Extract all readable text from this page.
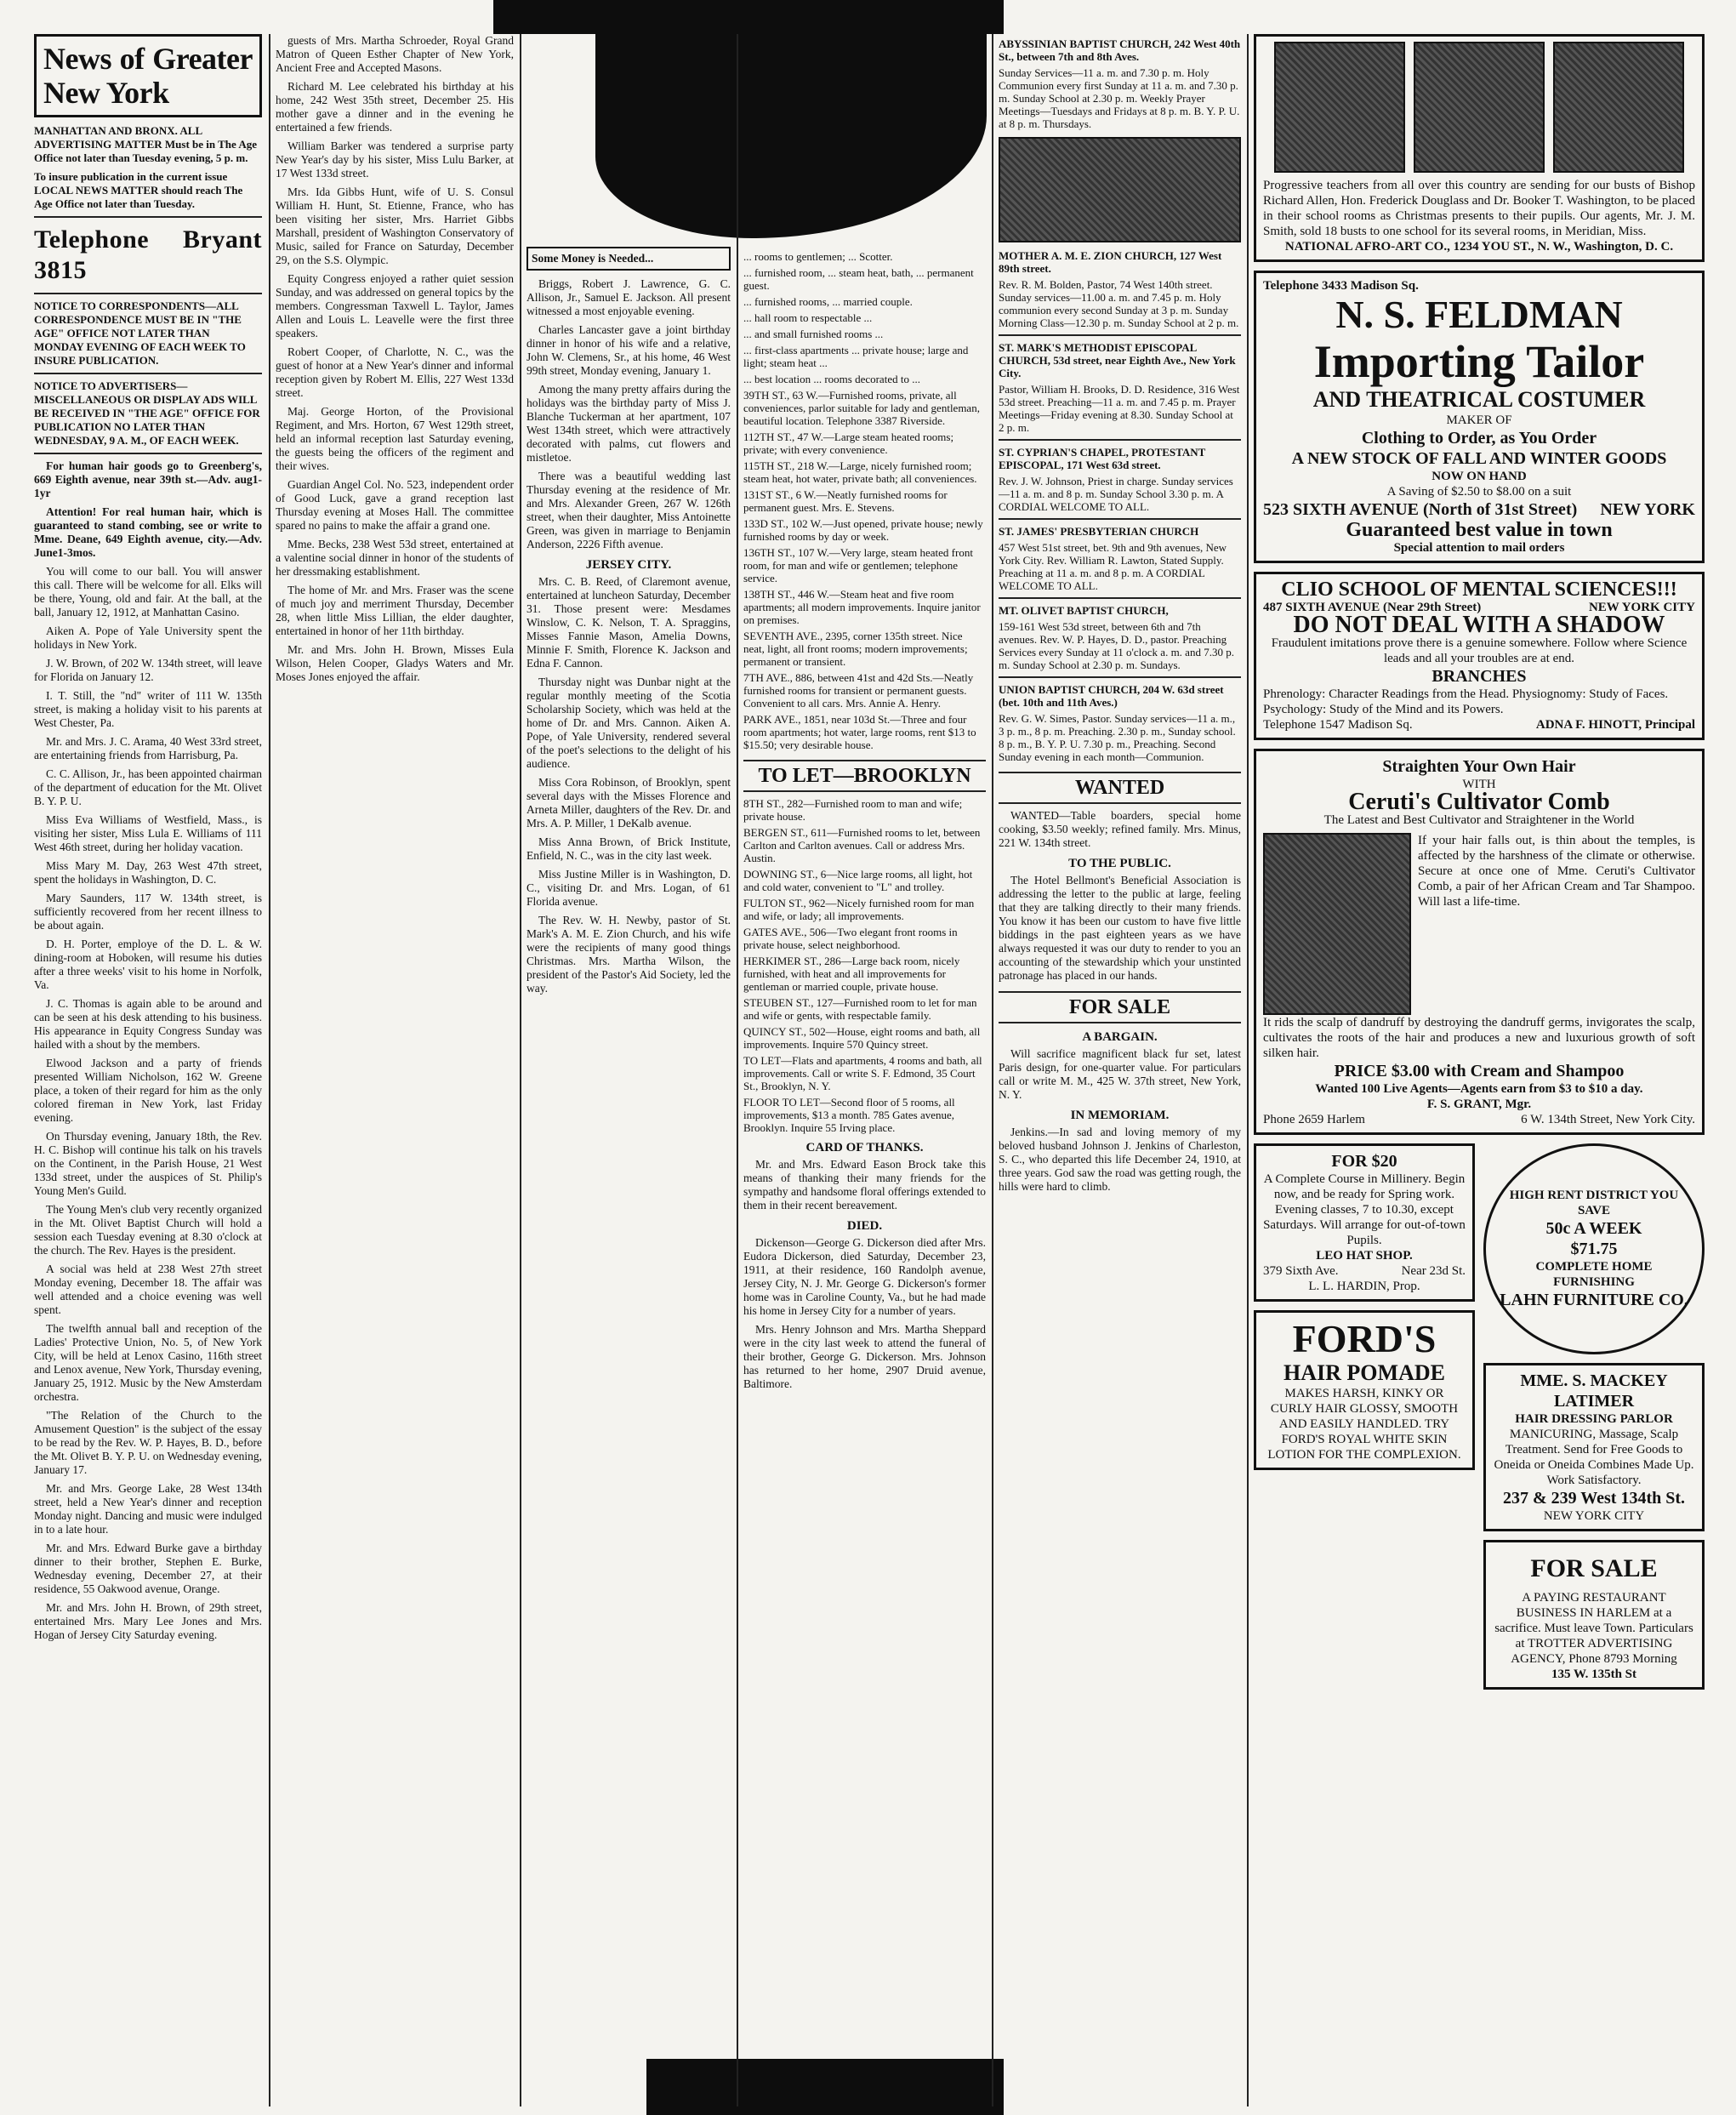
News of Greater New York
MANHATTAN AND BRONX. ALL ADVERTISING MATTER Must be in The Age Office not later than Tuesday evening, 5 p. m.
To insure publication in the current issue LOCAL NEWS MATTER should reach The Age Office not later than Tuesday.
Telephone Bryant 3815
NOTICE TO CORRESPONDENTS—ALL CORRESPONDENCE MUST BE IN "THE AGE" OFFICE NOT LATER THAN MONDAY EVENING OF EACH WEEK TO INSURE PUBLICATION.
NOTICE TO ADVERTISERS—MISCELLANEOUS OR DISPLAY ADS WILL BE RECEIVED IN "THE AGE" OFFICE FOR PUBLICATION NO LATER THAN WEDNESDAY, 9 A. M., OF EACH WEEK.

For human hair goods go to Greenberg's, 669 Eighth avenue, near 39th st.—Adv. aug1-1yr

Attention! For real human hair, which is guaranteed to stand combing, see or write to Mme. Deane, 649 Eighth avenue, city.—Adv. June1-3mos.

You will come to our ball. You will answer this call. There will be welcome for all. Elks will be there, Young, old and fair. At the ball, at the ball, January 12, 1912, at Manhattan Casino.

Aiken A. Pope of Yale University spent the holidays in New York.

J. W. Brown, of 202 W. 134th street, will leave for Florida on January 12.

I. T. Still, the "nd" writer of 111 W. 135th street, is making a holiday visit to his parents at West Chester, Pa.

Mr. and Mrs. J. C. Arama, 40 West 33rd street, are entertaining friends from Harrisburg, Pa.

C. C. Allison, Jr., has been appointed chairman of the department of education for the Mt. Olivet B. Y. P. U.

Miss Eva Williams of Westfield, Mass., is visiting her sister, Miss Lula E. Williams of 111 West 46th street, during her holiday vacation.

Miss Mary M. Day, 263 West 47th street, spent the holidays in Washington, D. C.

Mary Saunders, 117 W. 134th street, is sufficiently recovered from her recent illness to be about again.

D. H. Porter, employe of the D. L. & W. dining-room at Hoboken, will resume his duties after a three weeks' visit to his home in Norfolk, Va.

J. C. Thomas is again able to be around and can be seen at his desk attending to his business. His appearance in Equity Congress Sunday was hailed with a shout by the members.

Elwood Jackson and a party of friends presented William Nicholson, 162 W. Greene place, a token of their regard for him as the only colored fireman in New York, last Friday evening.

On Thursday evening, January 18th, the Rev. H. C. Bishop will continue his talk on his travels on the Continent, in the Parish House, 21 West 133d street, under the auspices of St. Philip's Young Men's Guild.

The Young Men's club very recently organized in the Mt. Olivet Baptist Church will hold a session each Tuesday evening at 8.30 o'clock at the church. The Rev. Hayes is the president.

A social was held at 238 West 27th street Monday evening, December 18. The affair was well attended and a choice evening was well spent.

The twelfth annual ball and reception of the Ladies' Protective Union, No. 5, of New York City, will be held at Lenox Casino, 116th street and Lenox avenue, New York, Thursday evening, January 25, 1912. Music by the New Amsterdam orchestra.

"The Relation of the Church to the Amusement Question" is the subject of the essay to be read by the Rev. W. P. Hayes, B. D., before the Mt. Olivet B. Y. P. U. on Wednesday evening, January 17.

Mr. and Mrs. George Lake, 28 West 134th street, held a New Year's dinner and reception Monday night. Dancing and music were indulged in to a late hour.

Mr. and Mrs. Edward Burke gave a birthday dinner to their brother, Stephen E. Burke, Wednesday evening, December 27, at their residence, 55 Oakwood avenue, Orange.

Mr. and Mrs. John H. Brown, of 29th street, entertained Mrs. Mary Lee Jones and Mrs. Hogan of Jersey City Saturday evening.

guests of Mrs. Martha Schroeder, Royal Grand Matron of Queen Esther Chapter of New York, Ancient Free and Accepted Masons.

Richard M. Lee celebrated his birthday at his home, 242 West 35th street, December 25. His mother gave a dinner and in the evening he entertained a few friends.

William Barker was tendered a surprise party New Year's day by his sister, Miss Lulu Barker, at 17 West 133d street.

Mrs. Ida Gibbs Hunt, wife of U. S. Consul William H. Hunt, St. Etienne, France, who has been visiting her sister, Mrs. Harriet Gibbs Marshall, president of Washington Conservatory of Music, sailed for France on Saturday, December 29, on the S.S. Olympic.

Equity Congress enjoyed a rather quiet session Sunday, and was addressed on general topics by the members. Congressman Taxwell L. Taylor, James Allen and Louis L. Leavelle were the first three speakers.

Robert Cooper, of Charlotte, N. C., was the guest of honor at a New Year's dinner and informal reception given by Robert M. Ellis, 227 West 133d street.

Maj. George Horton, of the Provisional Regiment, and Mrs. Horton, 67 West 129th street, held an informal reception last Saturday evening, the guests being the officers of the regiment and their wives.

Guardian Angel Col. No. 523, independent order of Good Luck, gave a grand reception last Thursday evening at Moses Hall. The committee spared no pains to make the affair a grand one.

Mme. Becks, 238 West 53d street, entertained at a valentine social dinner in honor of the students of her dressmaking establishment.

The home of Mr. and Mrs. Fraser was the scene of much joy and merriment Thursday, December 28, when little Miss Lillian, the elder daughter, entertained in honor of her 11th birthday.

Mr. and Mrs. John H. Brown, Misses Eula Wilson, Helen Cooper, Gladys Waters and Mr. Moses Jones enjoyed the affair.

Some Money is Needed...

Briggs, Robert J. Lawrence, G. C. Allison, Jr., Samuel E. Jackson. All present witnessed a most enjoyable evening.

Charles Lancaster gave a joint birthday dinner in honor of his wife and a relative, John W. Clemens, Sr., at his home, 46 West 99th street, Monday evening, January 1.

Among the many pretty affairs during the holidays was the birthday party of Miss J. Blanche Tuckerman at her apartment, 107 West 134th street, which were attractively decorated with palms, cut flowers and mistletoe.

There was a beautiful wedding last Thursday evening at the residence of Mr. and Mrs. Alexander Green, 267 W. 126th street, when their daughter, Miss Antoinette Green, was given in marriage to Benjamin Anderson, 2226 Fifth avenue.

JERSEY CITY.

Mrs. C. B. Reed, of Claremont avenue, entertained at luncheon Saturday, December 31. Those present were: Mesdames Winslow, C. K. Nelson, T. A. Spraggins, Misses Fannie Mason, Amelia Downs, Minnie F. Smith, Florence K. Jackson and Edna F. Cannon.

Thursday night was Dunbar night at the regular monthly meeting of the Scotia Scholarship Society, which was held at the home of Dr. and Mrs. Cannon. Aiken A. Pope, of Yale University, rendered several of the poet's selections to the delight of his audience.

Miss Cora Robinson, of Brooklyn, spent several days with the Misses Florence and Arneta Miller, daughters of the Rev. Dr. and Mrs. A. P. Miller, 1 DeKalb avenue.

Miss Anna Brown, of Brick Institute, Enfield, N. C., was in the city last week.

Miss Justine Miller is in Washington, D. C., visiting Dr. and Mrs. Logan, of 61 Florida avenue.

The Rev. W. H. Newby, pastor of St. Mark's A. M. E. Zion Church, and his wife were the recipients of many good things Christmas. Mrs. Martha Wilson, the president of the Pastor's Aid Society, led the way.

... rooms to gentlemen; ... Scotter.
... furnished room, ... steam heat, bath, ... permanent guest.
... furnished rooms, ... married couple.
... hall room to respectable ...
... and small furnished rooms ...
... first-class apartments ... private house; large and light; steam heat ...
... best location ... rooms decorated to ...
39TH ST., 63 W.—Furnished rooms, private, all conveniences, parlor suitable for lady and gentleman, beautiful location. Telephone 3387 Riverside.
112TH ST., 47 W.—Large steam heated rooms; private; with every convenience.
115TH ST., 218 W.—Large, nicely furnished room; steam heat, hot water, private bath; all conveniences.
131ST ST., 6 W.—Neatly furnished rooms for permanent guest. Mrs. E. Stevens.
133D ST., 102 W.—Just opened, private house; newly furnished rooms by day or week.
136TH ST., 107 W.—Very large, steam heated front room, for man and wife or gentlemen; telephone service.
138TH ST., 446 W.—Steam heat and five room apartments; all modern improvements. Inquire janitor on premises.
SEVENTH AVE., 2395, corner 135th street. Nice neat, light, all front rooms; modern improvements; permanent or transient.
7TH AVE., 886, between 41st and 42d Sts.—Neatly furnished rooms for transient or permanent guests. Convenient to all cars. Mrs. Annie A. Henry.
PARK AVE., 1851, near 103d St.—Three and four room apartments; hot water, large rooms, rent $13 to $15.50; very desirable house.
TO LET—BROOKLYN
8TH ST., 282—Furnished room to man and wife; private house.
BERGEN ST., 611—Furnished rooms to let, between Carlton and Carlton avenues. Call or address Mrs. Austin.
DOWNING ST., 6—Nice large rooms, all light, hot and cold water, convenient to "L" and trolley.
FULTON ST., 962—Nicely furnished room for man and wife, or lady; all improvements.
GATES AVE., 506—Two elegant front rooms in private house, select neighborhood.
HERKIMER ST., 286—Large back room, nicely furnished, with heat and all improvements for gentleman or married couple, private house.
STEUBEN ST., 127—Furnished room to let for man and wife or gents, with respectable family.
QUINCY ST., 502—House, eight rooms and bath, all improvements. Inquire 570 Quincy street.
TO LET—Flats and apartments, 4 rooms and bath, all improvements. Call or write S. F. Edmond, 35 Court St., Brooklyn, N. Y.
FLOOR TO LET—Second floor of 5 rooms, all improvements, $13 a month. 785 Gates avenue, Brooklyn. Inquire 55 Irving place.
CARD OF THANKS.

Mr. and Mrs. Edward Eason Brock take this means of thanking their many friends for the sympathy and handsome floral offerings extended to them in their recent bereavement.

DIED.

Dickenson—George G. Dickerson died after Mrs. Eudora Dickerson, died Saturday, December 23, 1911, at their residence, 160 Randolph avenue, Jersey City, N. J. Mr. George G. Dickerson's former home was in Caroline County, Va., but he had made his home in Jersey City for a number of years.

Mrs. Henry Johnson and Mrs. Martha Sheppard were in the city last week to attend the funeral of their brother, George G. Dickerson. Mrs. Johnson has returned to her home, 2907 Druid avenue, Baltimore.

ABYSSINIAN BAPTIST CHURCH, 242 West 40th St., between 7th and 8th Aves.
Sunday Services—11 a. m. and 7.30 p. m. Holy Communion every first Sunday at 11 a. m. and 7.30 p. m. Sunday School at 2.30 p. m. Weekly Prayer Meetings—Tuesdays and Fridays at 8 p. m. B. Y. P. U. at 8 p. m. Thursdays.
MOTHER A. M. E. ZION CHURCH, 127 West 89th street.
Rev. R. M. Bolden, Pastor, 74 West 140th street. Sunday services—11.00 a. m. and 7.45 p. m. Holy communion every second Sunday at 3 p. m. Sunday Morning Class—12.30 p. m. Sunday School at 2 p. m.
ST. MARK'S METHODIST EPISCOPAL CHURCH, 53d street, near Eighth Ave., New York City.
Pastor, William H. Brooks, D. D. Residence, 316 West 53d street. Preaching—11 a. m. and 7.45 p. m. Prayer Meetings—Friday evening at 8.30. Sunday School at 2 p. m.
ST. CYPRIAN'S CHAPEL, PROTESTANT EPISCOPAL, 171 West 63d street.
Rev. J. W. Johnson, Priest in charge. Sunday services—11 a. m. and 8 p. m. Sunday School 3.30 p. m. A CORDIAL WELCOME TO ALL.
ST. JAMES' PRESBYTERIAN CHURCH
457 West 51st street, bet. 9th and 9th avenues, New York City. Rev. William R. Lawton, Stated Supply. Preaching at 11 a. m. and 8 p. m. A CORDIAL WELCOME TO ALL.
MT. OLIVET BAPTIST CHURCH,
159-161 West 53d street, between 6th and 7th avenues. Rev. W. P. Hayes, D. D., pastor. Preaching Services every Sunday at 11 o'clock a. m. and 7.30 p. m. Sunday School at 2.30 p. m. Sundays.
UNION BAPTIST CHURCH, 204 W. 63d street (bet. 10th and 11th Aves.)
Rev. G. W. Simes, Pastor. Sunday services—11 a. m., 3 p. m., 8 p. m. Preaching. 2.30 p. m., Sunday school. 8 p. m., B. Y. P. U. 7.30 p. m., Preaching. Second Sunday evening in each month—Communion.
WANTED

WANTED—Table boarders, special home cooking, $3.50 weekly; refined family. Mrs. Minus, 221 W. 134th street.

TO THE PUBLIC.

The Hotel Bellmont's Beneficial Association is addressing the letter to the public at large, feeling that they are talking directly to their many friends. You know it has been our custom to have five little biddings in the past eighteen years as we have always requested it was our duty to render to you an accounting of the stewardship which your unstinted patronage has placed in our hands.

FOR SALE
A BARGAIN.

Will sacrifice magnificent black fur set, latest Paris design, for one-quarter value. For particulars call or write M. M., 425 W. 37th street, New York, N. Y.

IN MEMORIAM.

Jenkins.—In sad and loving memory of my beloved husband Johnson J. Jenkins of Charleston, S. C., who departed this life December 24, 1910, at three years. God saw the road was getting rough, the hills were hard to climb.

Progressive teachers from all over this country are sending for our busts of Bishop Richard Allen, Hon. Frederick Douglass and Dr. Booker T. Washington, to be placed in their school rooms as Christmas presents to their pupils. Our agents, Mr. J. M. Smith, sold 18 busts to one school for its several rooms, in Meridian, Miss.
NATIONAL AFRO-ART CO., 1234 YOU ST., N. W., Washington, D. C.
Telephone 3433 Madison Sq.
N. S. FELDMAN
Importing Tailor
AND THEATRICAL COSTUMER
MAKER OF
Clothing to Order, as You Order
A NEW STOCK OF FALL AND WINTER GOODS
NOW ON HAND
A Saving of $2.50 to $8.00 on a suit
523 SIXTH AVENUE (North of 31st Street) NEW YORK
Guaranteed best value in town
Special attention to mail orders
CLIO SCHOOL OF MENTAL SCIENCES!!!
487 SIXTH AVENUE (Near 29th Street)	NEW YORK CITY
DO NOT DEAL WITH A SHADOW
Fraudulent imitations prove there is a genuine somewhere. Follow where Science leads and all your troubles are at end.
BRANCHES
Phrenology: Character Readings from the Head. Physiognomy: Study of Faces. Psychology: Study of the Mind and its Powers.
Telephone 1547 Madison Sq.	ADNA F. HINOTT, Principal
Straighten Your Own Hair
WITH
Ceruti's Cultivator Comb
The Latest and Best Cultivator and Straightener in the World
If your hair falls out, is thin about the temples, is affected by the harshness of the climate or otherwise. Secure at once one of Mme. Ceruti's Cultivator Comb, a pair of her African Cream and Tar Shampoo. Will last a life-time.
It rids the scalp of dandruff by destroying the dandruff germs, invigorates the scalp, cultivates the roots of the hair and produces a new and luxurious growth of soft silken hair.
PRICE $3.00 with Cream and Shampoo
Wanted 100 Live Agents—Agents earn from $3 to $10 a day.
F. S. GRANT, Mgr.
Phone 2659 Harlem	6 W. 134th Street, New York City.
FOR $20
A Complete Course in Millinery. Begin now, and be ready for Spring work. Evening classes, 7 to 10.30, except Saturdays. Will arrange for out-of-town Pupils.
LEO HAT SHOP.
379 Sixth Ave.	Near 23d St.
L. L. HARDIN, Prop.
FORD'S
HAIR POMADE
MAKES HARSH, KINKY OR CURLY HAIR GLOSSY, SMOOTH AND EASILY HANDLED. TRY FORD'S ROYAL WHITE SKIN LOTION FOR THE COMPLEXION.
HIGH RENT DISTRICT YOU SAVE
50c A WEEK
$71.75
COMPLETE HOME
FURNISHING
LAHN FURNITURE CO.
MME. S. MACKEY LATIMER
HAIR DRESSING PARLOR
MANICURING, Massage, Scalp Treatment. Send for Free Goods to Oneida or Oneida Combines Made Up. Work Satisfactory.
237 & 239 West 134th St.
NEW YORK CITY
FOR SALE
A PAYING RESTAURANT BUSINESS IN HARLEM at a sacrifice. Must leave Town. Particulars at TROTTER ADVERTISING AGENCY, Phone 8793 Morning
135 W. 135th St
